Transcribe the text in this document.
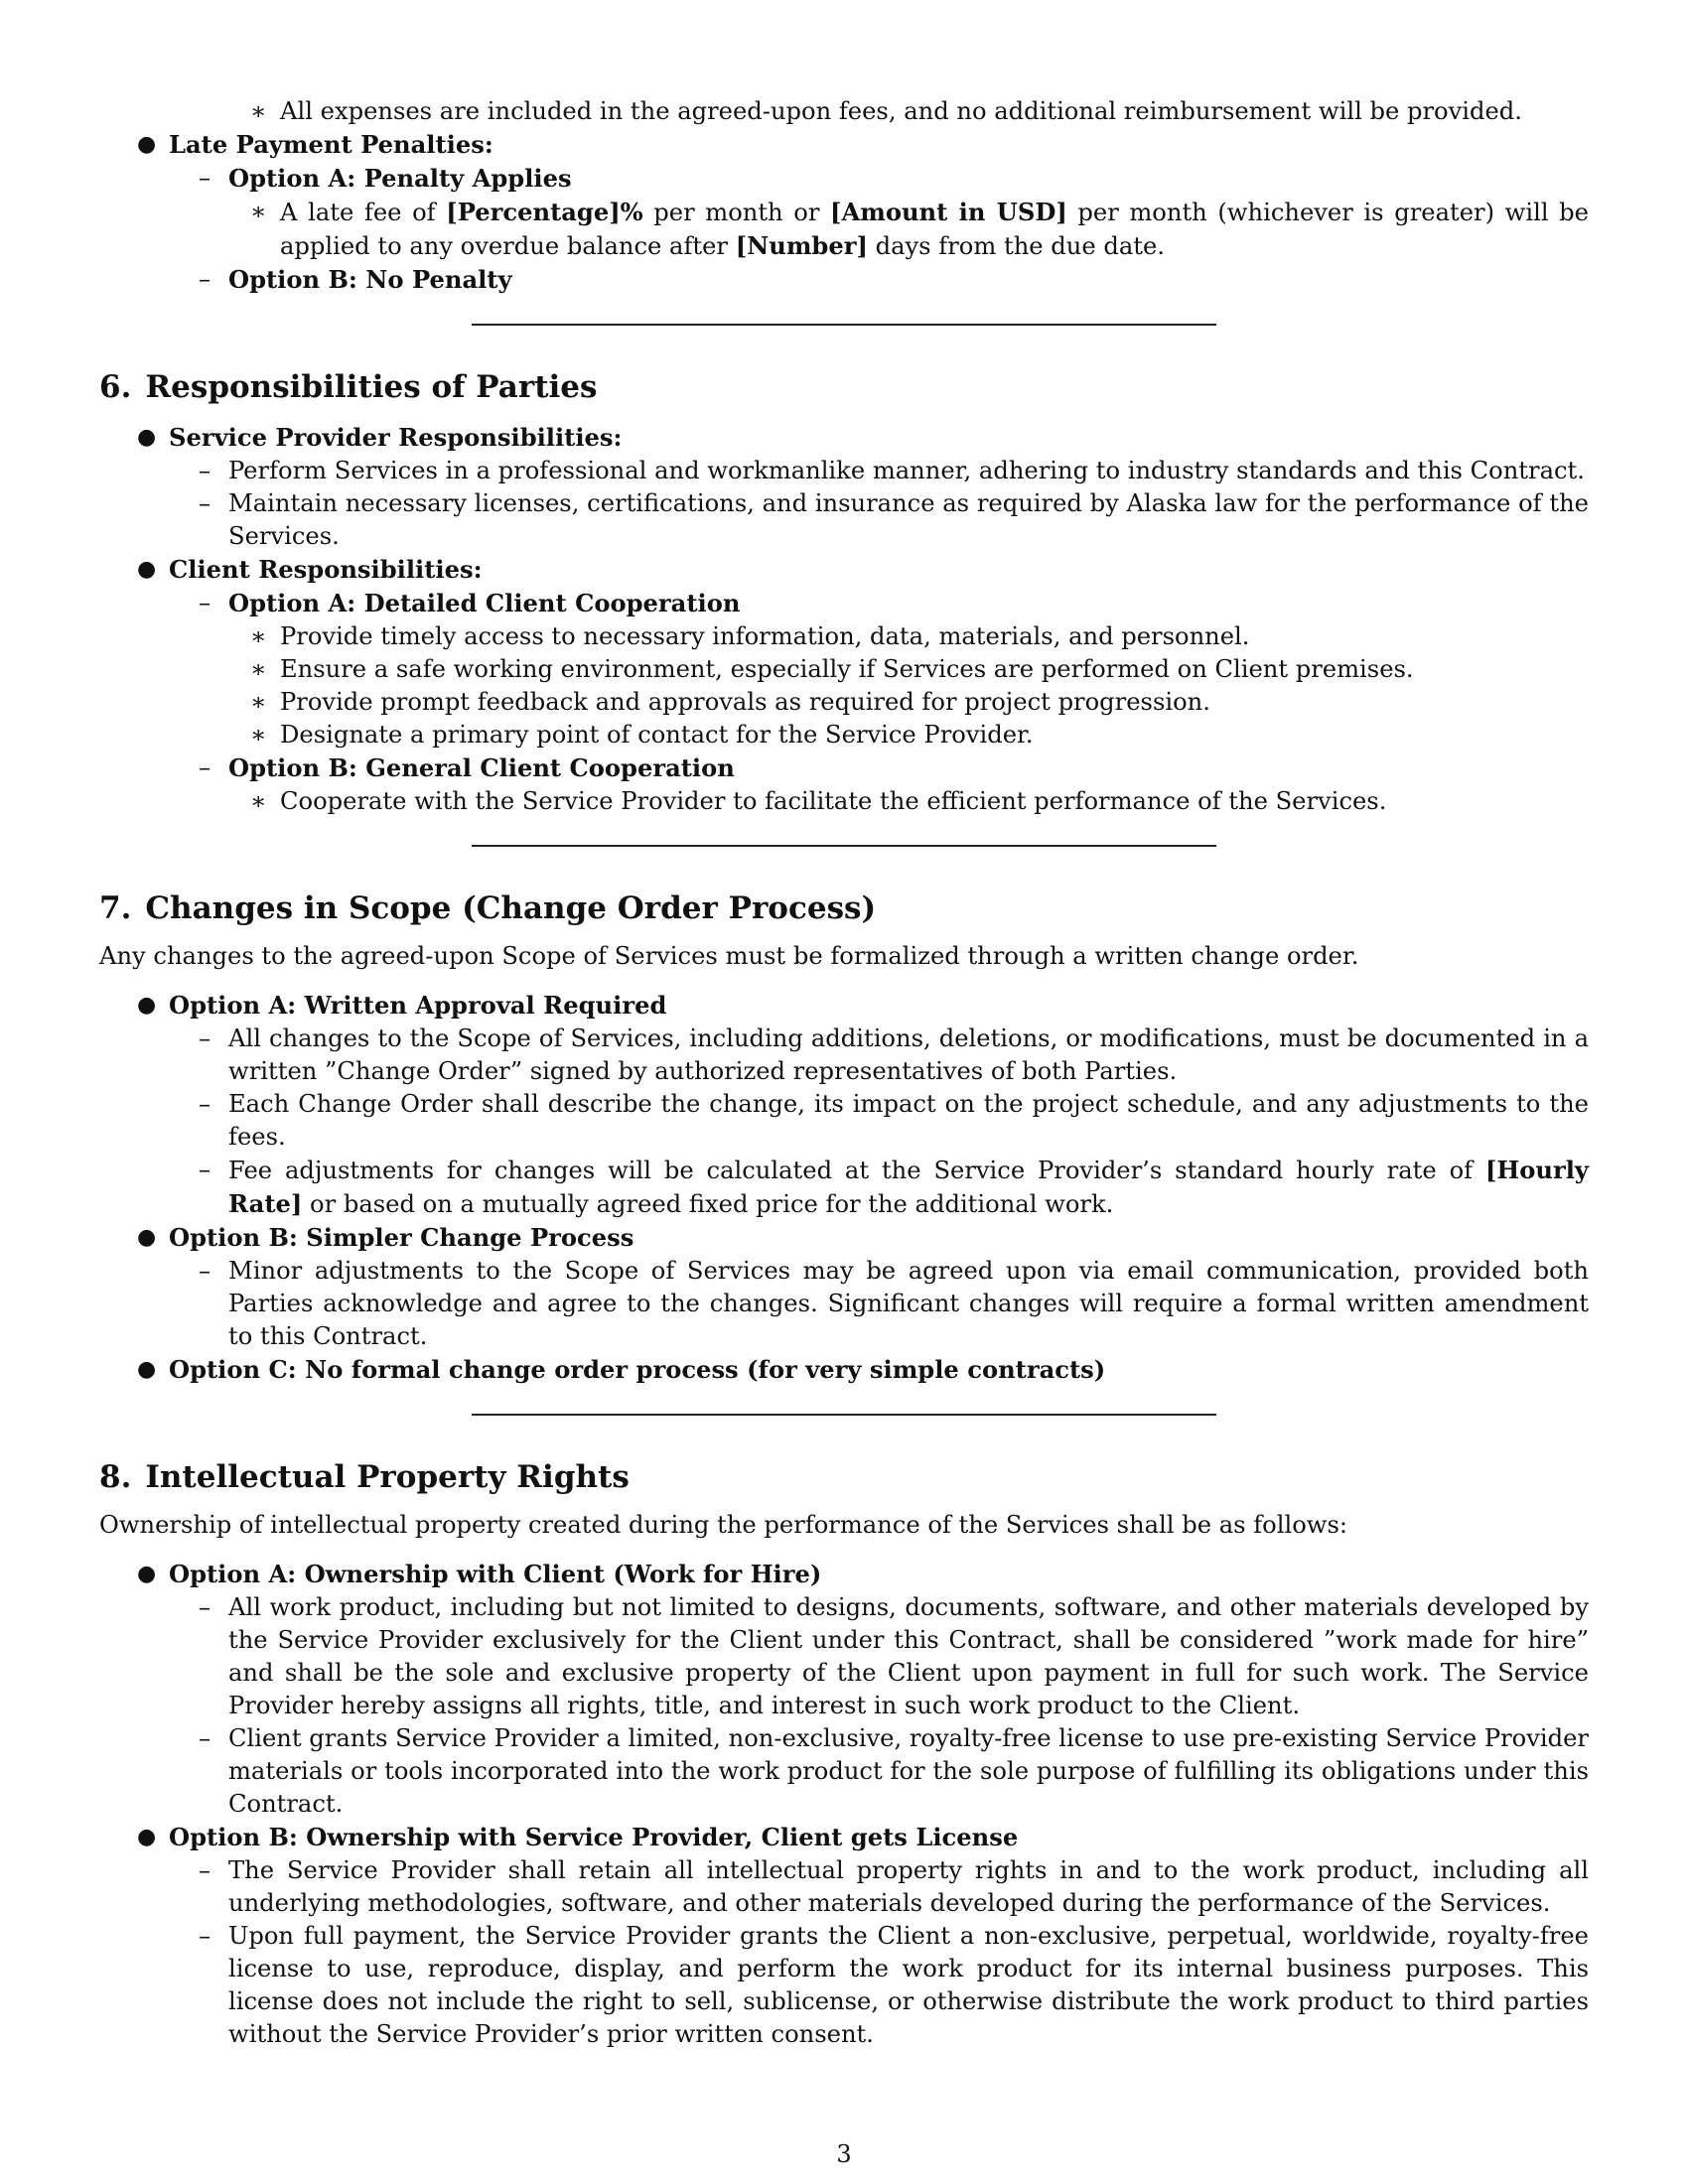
∗ All expenses are included in the agreed-upon fees, and no additional reimbursement will be provided.
● Late Payment Penalties:
– Option A: Penalty Applies
∗ A late fee of [Percentage]% per month or [Amount in USD] per month (whichever is greater) will be applied to any overdue balance after [Number] days from the due date.
– Option B: No Penalty
6. Responsibilities of Parties
● Service Provider Responsibilities:
– Perform Services in a professional and workmanlike manner, adhering to industry standards and this Contract.
– Maintain necessary licenses, certifications, and insurance as required by Alaska law for the performance of the Services.
● Client Responsibilities:
– Option A: Detailed Client Cooperation
∗ Provide timely access to necessary information, data, materials, and personnel.
∗ Ensure a safe working environment, especially if Services are performed on Client premises.
∗ Provide prompt feedback and approvals as required for project progression.
∗ Designate a primary point of contact for the Service Provider.
– Option B: General Client Cooperation
∗ Cooperate with the Service Provider to facilitate the efficient performance of the Services.
7. Changes in Scope (Change Order Process)

Any changes to the agreed-upon Scope of Services must be formalized through a written change order.

● Option A: Written Approval Required
– All changes to the Scope of Services, including additions, deletions, or modifications, must be documented in a written ”Change Order” signed by authorized representatives of both Parties.
– Each Change Order shall describe the change, its impact on the project schedule, and any adjustments to the fees.
– Fee adjustments for changes will be calculated at the Service Provider’s standard hourly rate of [Hourly Rate] or based on a mutually agreed fixed price for the additional work.
● Option B: Simpler Change Process
– Minor adjustments to the Scope of Services may be agreed upon via email communication, provided both Parties acknowledge and agree to the changes. Significant changes will require a formal written amendment to this Contract.
● Option C: No formal change order process (for very simple contracts)
8. Intellectual Property Rights

Ownership of intellectual property created during the performance of the Services shall be as follows:

● Option A: Ownership with Client (Work for Hire)
– All work product, including but not limited to designs, documents, software, and other materials developed by the Service Provider exclusively for the Client under this Contract, shall be considered ”work made for hire” and shall be the sole and exclusive property of the Client upon payment in full for such work. The Service Provider hereby assigns all rights, title, and interest in such work product to the Client.
– Client grants Service Provider a limited, non-exclusive, royalty-free license to use pre-existing Service Provider materials or tools incorporated into the work product for the sole purpose of fulfilling its obligations under this Contract.
● Option B: Ownership with Service Provider, Client gets License
– The Service Provider shall retain all intellectual property rights in and to the work product, including all underlying methodologies, software, and other materials developed during the performance of the Services.
– Upon full payment, the Service Provider grants the Client a non-exclusive, perpetual, worldwide, royalty-free license to use, reproduce, display, and perform the work product for its internal business purposes. This license does not include the right to sell, sublicense, or otherwise distribute the work product to third parties without the Service Provider’s prior written consent.
3
